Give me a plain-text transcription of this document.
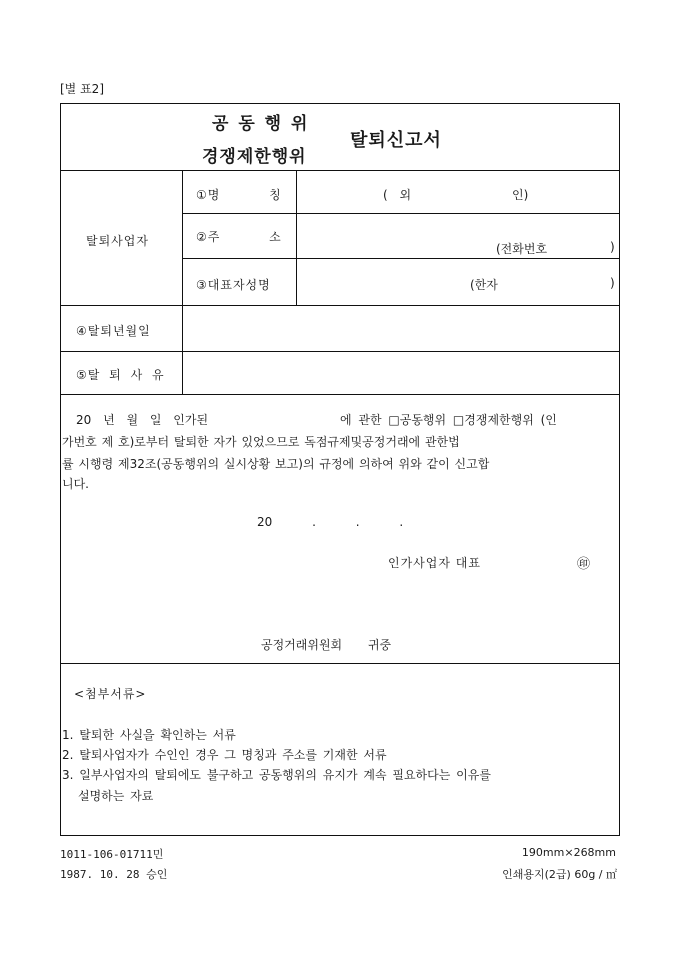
[별 표2]
공 동 행 위
경쟁제한행위
탈퇴신고서
탈퇴사업자
①명 칭	( 외	인)
②주 소
(전화번호	)
③대표자성명	(한자	)
④탈퇴년월일
⑤탈 퇴 사 유
20 년 월 일 인가된	에 관한 □공동행위 □경쟁제한행위 (인
가번호 제 호)로부터 탈퇴한 자가 있었으므로 독점규제및공정거래에 관한법
률 시행령 제32조(공동행위의 실시상황 보고)의 규정에 의하여 위와 같이 신고합
니다.
20 . . .
인가사업자 대표	㊞
공정거래위원회 귀중
<첨부서류>
1. 탈퇴한 사실을 확인하는 서류
2. 탈퇴사업자가 수인인 경우 그 명칭과 주소를 기재한 서류
3. 일부사업자의 탈퇴에도 불구하고 공동행위의 유지가 계속 필요하다는 이유를
설명하는 자료
1011-106-01711민
1987. 10. 28 승인
190mm×268mm
인쇄용지(2급) 60g / ㎡
